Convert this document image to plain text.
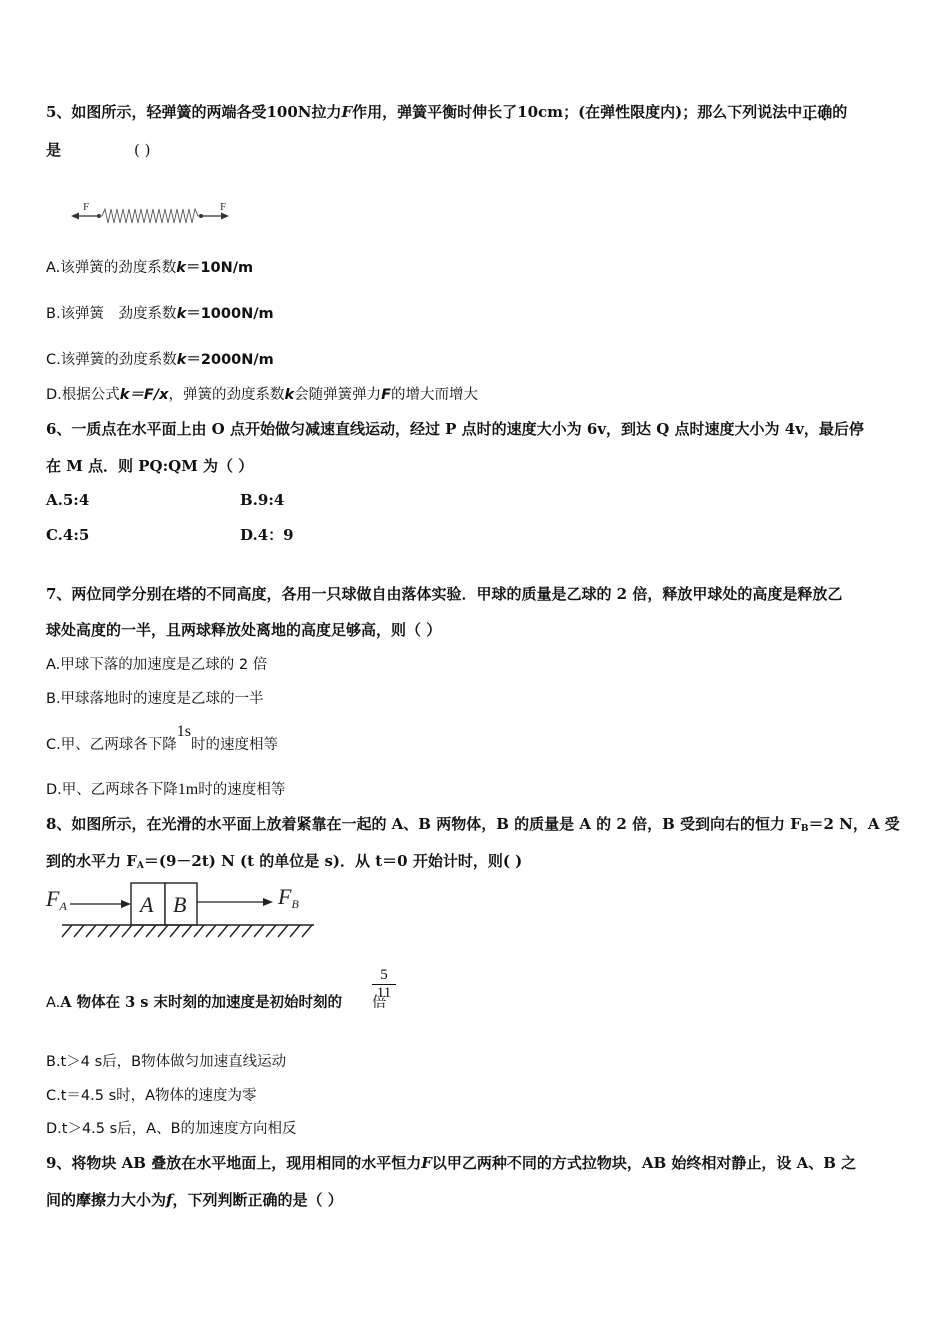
5、如图所示，轻弹簧的两端各受100N拉力F作用，弹簧平衡时伸长了10cm；(在弹性限度内)；那么下列说法中正确的
是	( )
F	F
A.该弹簧的劲度系数k＝10N/m
B.该弹簧　劲度系数k＝1000N/m
C.该弹簧的劲度系数k＝2000N/m
D.根据公式k＝F/x，弹簧的劲度系数k会随弹簧弹力F的增大而增大
6、一质点在水平面上由 O 点开始做匀减速直线运动，经过 P 点时的速度大小为 6v，到达 Q 点时速度大小为 4v，最后停
在 M 点．则 PQ:QM 为（ ）
A.5:4	B.9:4
C.4:5	D.4：9
7、两位同学分别在塔的不同高度，各用一只球做自由落体实验．甲球的质量是乙球的 2 倍，释放甲球处的高度是释放乙
球处高度的一半，且两球释放处离地的高度足够高，则（ ）
A.甲球下落的加速度是乙球的 2 倍
B.甲球落地时的速度是乙球的一半
C.甲、乙两球各下降1s时的速度相等
D.甲、乙两球各下降1m时的速度相等
8、如图所示，在光滑的水平面上放着紧靠在一起的 A、B 两物体，B 的质量是 A 的 2 倍，B 受到向右的恒力 $F_B=2$ N，A 受
到的水平力 $F_A=(9-2t)$ N (t 的单位是 s)．从 t＝0 开始计时，则( )
FA	A B	FB
A.A 物体在 3 s 末时刻的加速度是初始时刻的 倍
$\frac{5}{11}$
B.t＞4 s后，B物体做匀加速直线运动
C.t＝4.5 s时，A物体的速度为零
D.t＞4.5 s后，A、B的加速度方向相反
9、将物块 AB 叠放在水平地面上，现用相同的水平恒力F以甲乙两种不同的方式拉物块，AB 始终相对静止，设 A、B 之
间的摩擦力大小为f，下列判断正确的是（ ）
